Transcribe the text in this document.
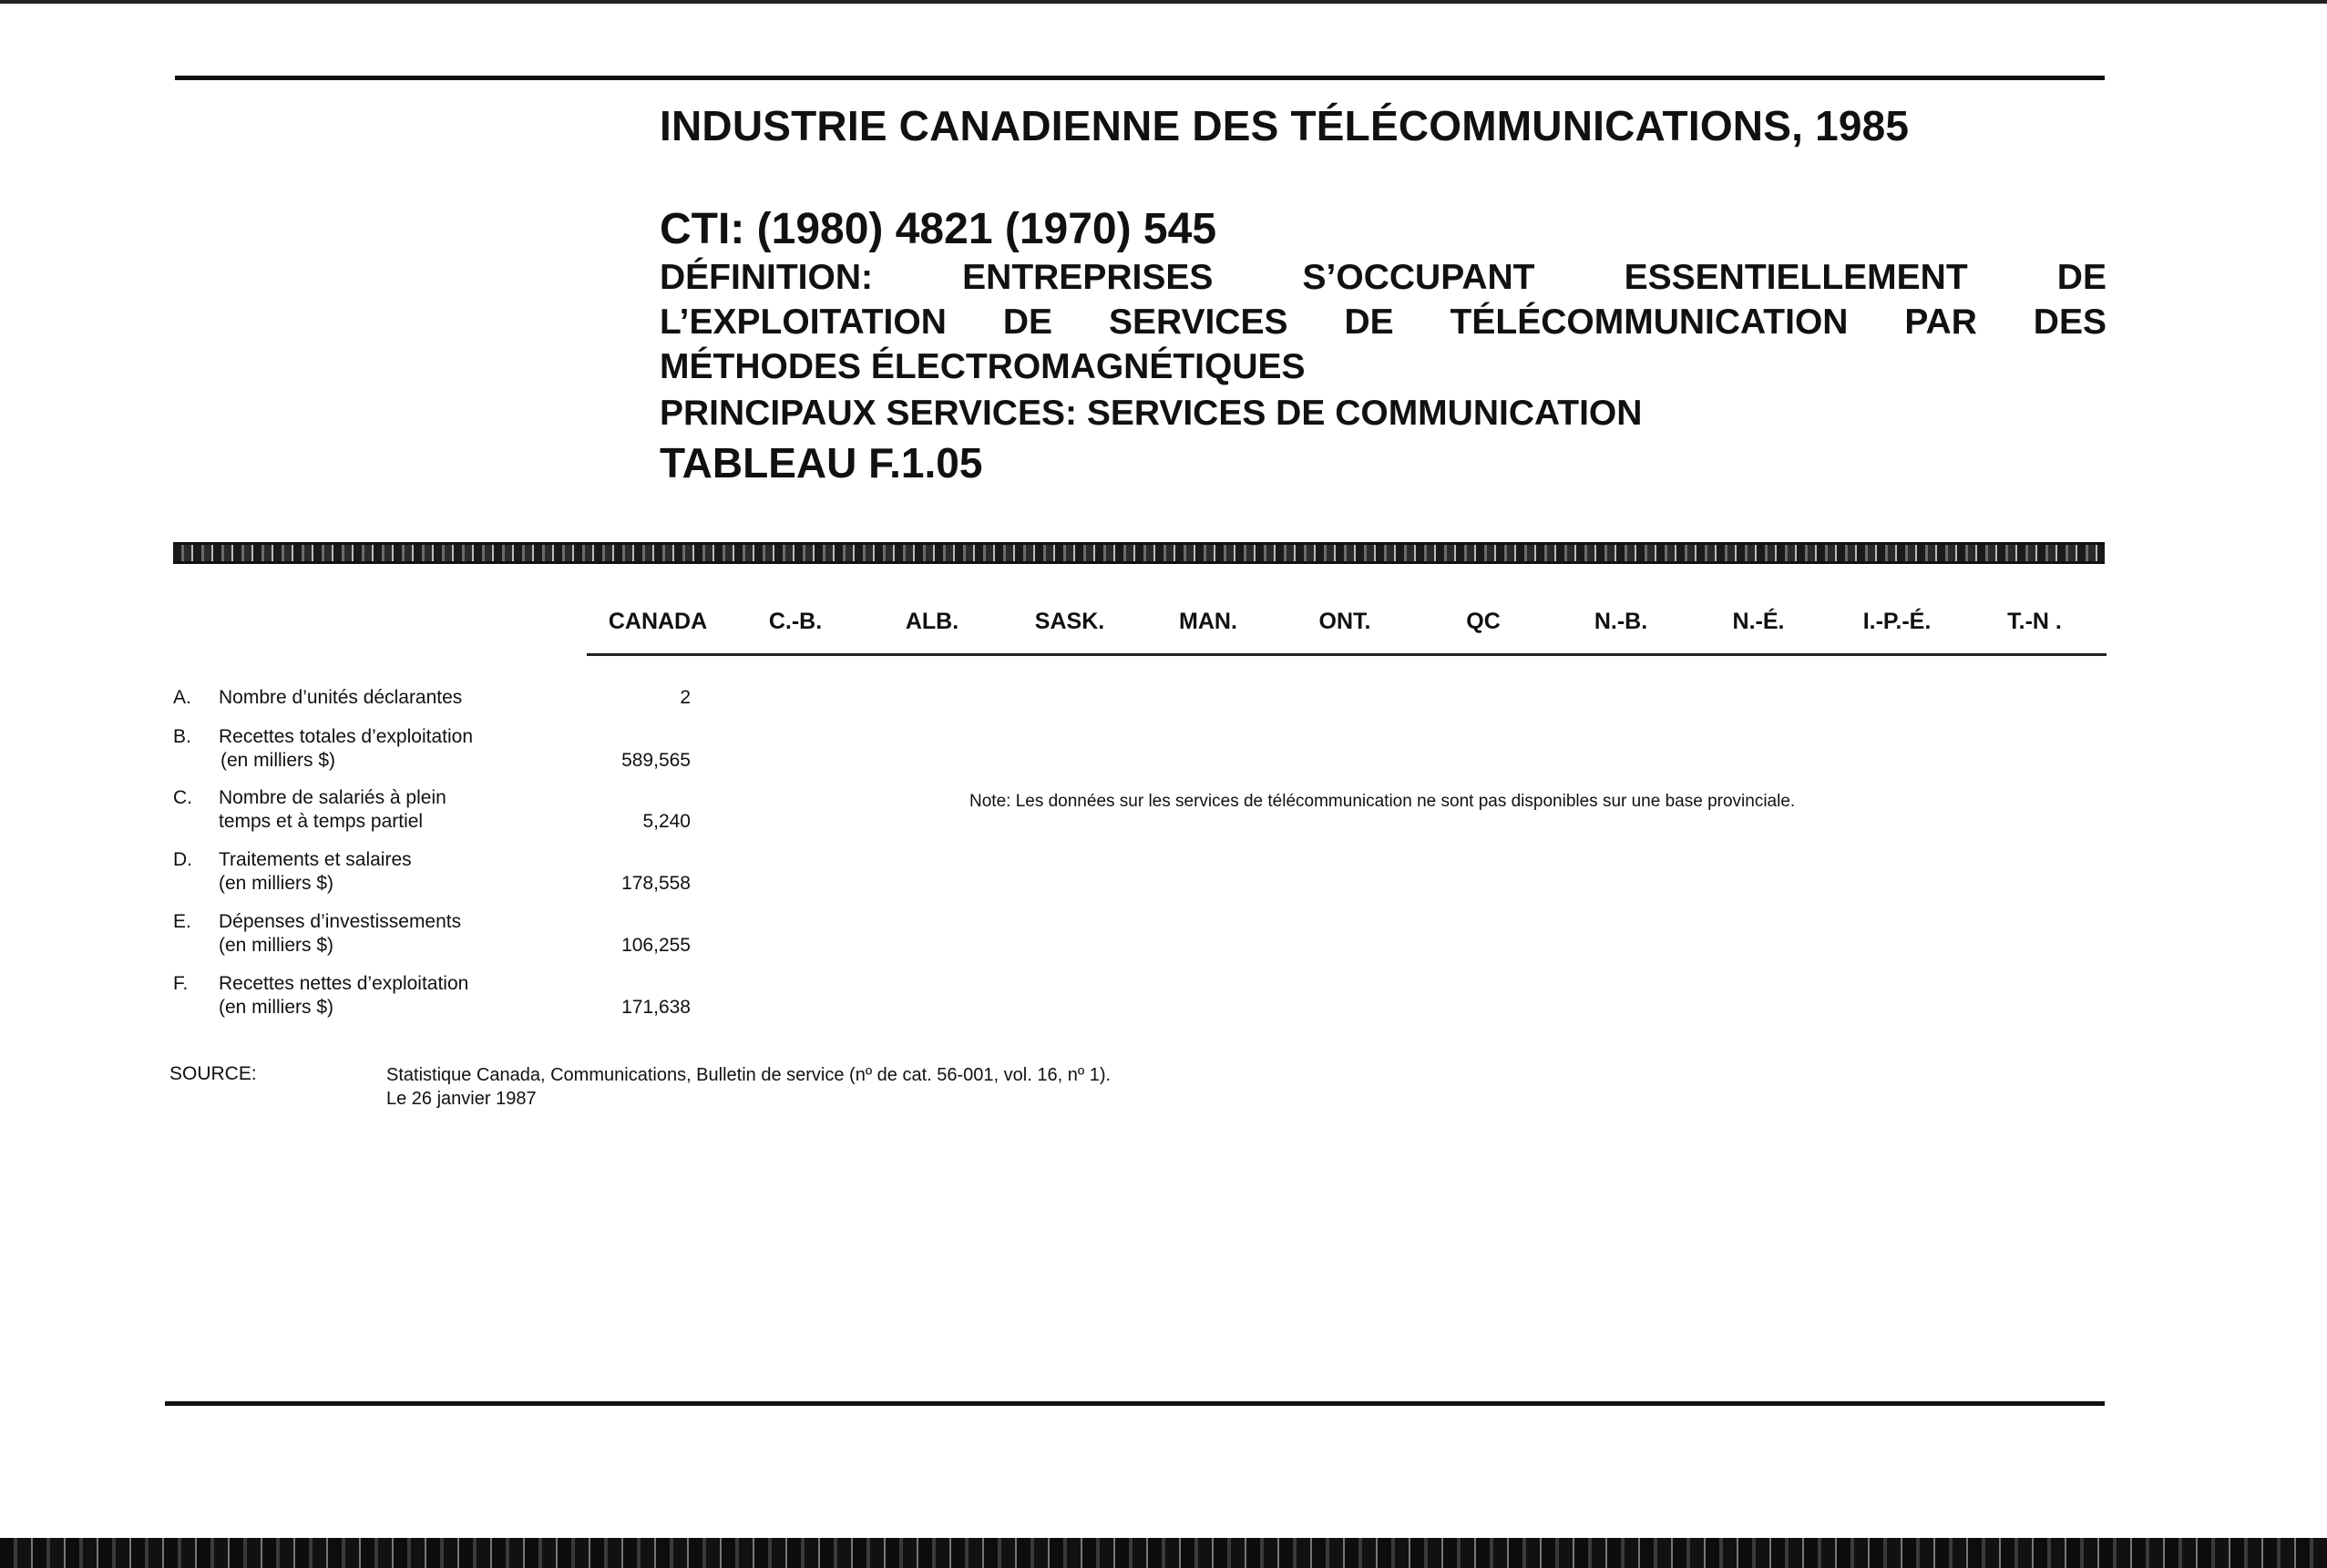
INDUSTRIE CANADIENNE DES TÉLÉCOMMUNICATIONS, 1985

CTI: (1980) 4821 (1970) 545

DÉFINITION: ENTREPRISES S’OCCUPANT ESSENTIELLEMENT DE
L’EXPLOITATION DE SERVICES DE TÉLÉCOMMUNICATION PAR DES
MÉTHODES ÉLECTROMAGNÉTIQUES

PRINCIPAUX SERVICES: SERVICES DE COMMUNICATION

TABLEAU F.1.05

CANADA	C.-B.	ALB.	SASK.	MAN.	ONT.	QC	N.-B.	N.-É.	I.-P.-É.	T.-N .
A. Nombre d’unités déclarantes	2
B. Recettes totales d’exploitation
(en milliers $)	589,565
C. Nombre de salariés à plein
temps et à temps partiel	5,240
D. Traitements et salaires
(en milliers $)	178,558
E. Dépenses d’investissements
(en milliers $)	106,255
F. Recettes nettes d’exploitation
(en milliers $)	171,638
Note: Les données sur les services de télécommunication ne sont pas disponibles sur une base provinciale.
SOURCE:	Statistique Canada, Communications, Bulletin de service (nº de cat. 56-001, vol. 16, nº 1).
Le 26 janvier 1987
